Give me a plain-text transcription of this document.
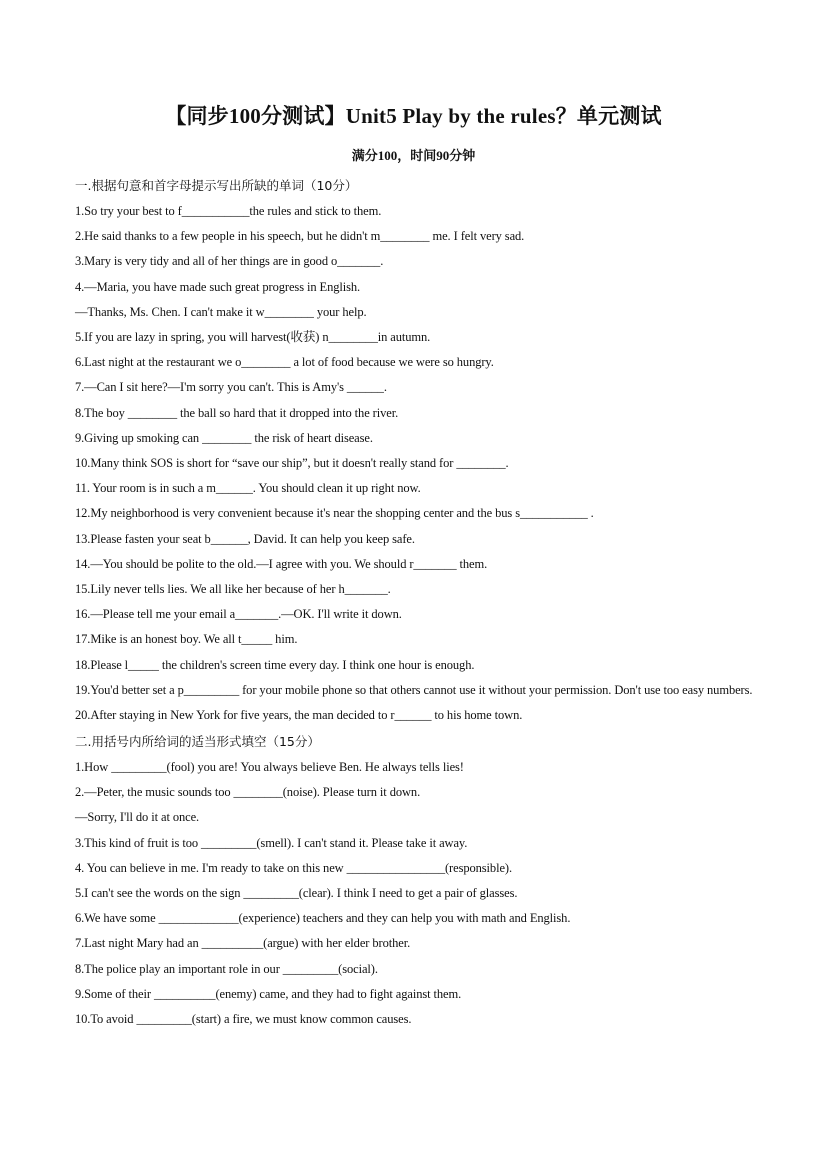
【同步100分测试】Unit5 Play by the rules？单元测试
满分100，时间90分钟
一.根据句意和首字母提示写出所缺的单词（10分）
1.So try your best to f___________the rules and stick to them.
2.He said thanks to a few people in his speech, but he didn't m________ me. I felt very sad.
3.Mary is very tidy and all of her things are in good o_______.
4.—Maria, you have made such great progress in English.
—Thanks, Ms. Chen. I can't make it w________ your help.
5.If you are lazy in spring, you will harvest(收获) n________in autumn.
6.Last night at the restaurant we o________ a lot of food because we were so hungry.
7.—Can I sit here?—I'm sorry you can't. This is Amy's ______.
8.The boy ________ the ball so hard that it dropped into the river.
9.Giving up smoking can ________ the risk of heart disease.
10.Many think SOS is short for “save our ship”, but it doesn't really stand for ________.
11. Your room is in such a m______. You should clean it up right now.
12.My neighborhood is very convenient because it's near the shopping center and the bus s___________ .
13.Please fasten your seat b______, David. It can help you keep safe.
14.—You should be polite to the old.—I agree with you. We should r_______ them.
15.Lily never tells lies. We all like her because of her h_______.
16.—Please tell me your email a_______.—OK. I'll write it down.
17.Mike is an honest boy. We all t_____ him.
18.Please l_____ the children's screen time every day. I think one hour is enough.
19.You'd better set a p_________ for your mobile phone so that others cannot use it without your permission. Don't use too easy numbers.
20.After staying in New York for five years, the man decided to r______ to his home town.
二.用括号内所给词的适当形式填空（15分）
1.How _________(fool) you are! You always believe Ben. He always tells lies!
2.—Peter, the music sounds too ________(noise). Please turn it down.
—Sorry, I'll do it at once.
3.This kind of fruit is too _________(smell). I can't stand it. Please take it away.
4. You can believe in me. I'm ready to take on this new ________________(responsible).
5.I can't see the words on the sign _________(clear). I think I need to get a pair of glasses.
6.We have some _____________(experience) teachers and they can help you with math and English.
7.Last night Mary had an __________(argue) with her elder brother.
8.The police play an important role in our _________(social).
9.Some of their __________(enemy) came, and they had to fight against them.
10.To avoid _________(start) a fire, we must know common causes.
